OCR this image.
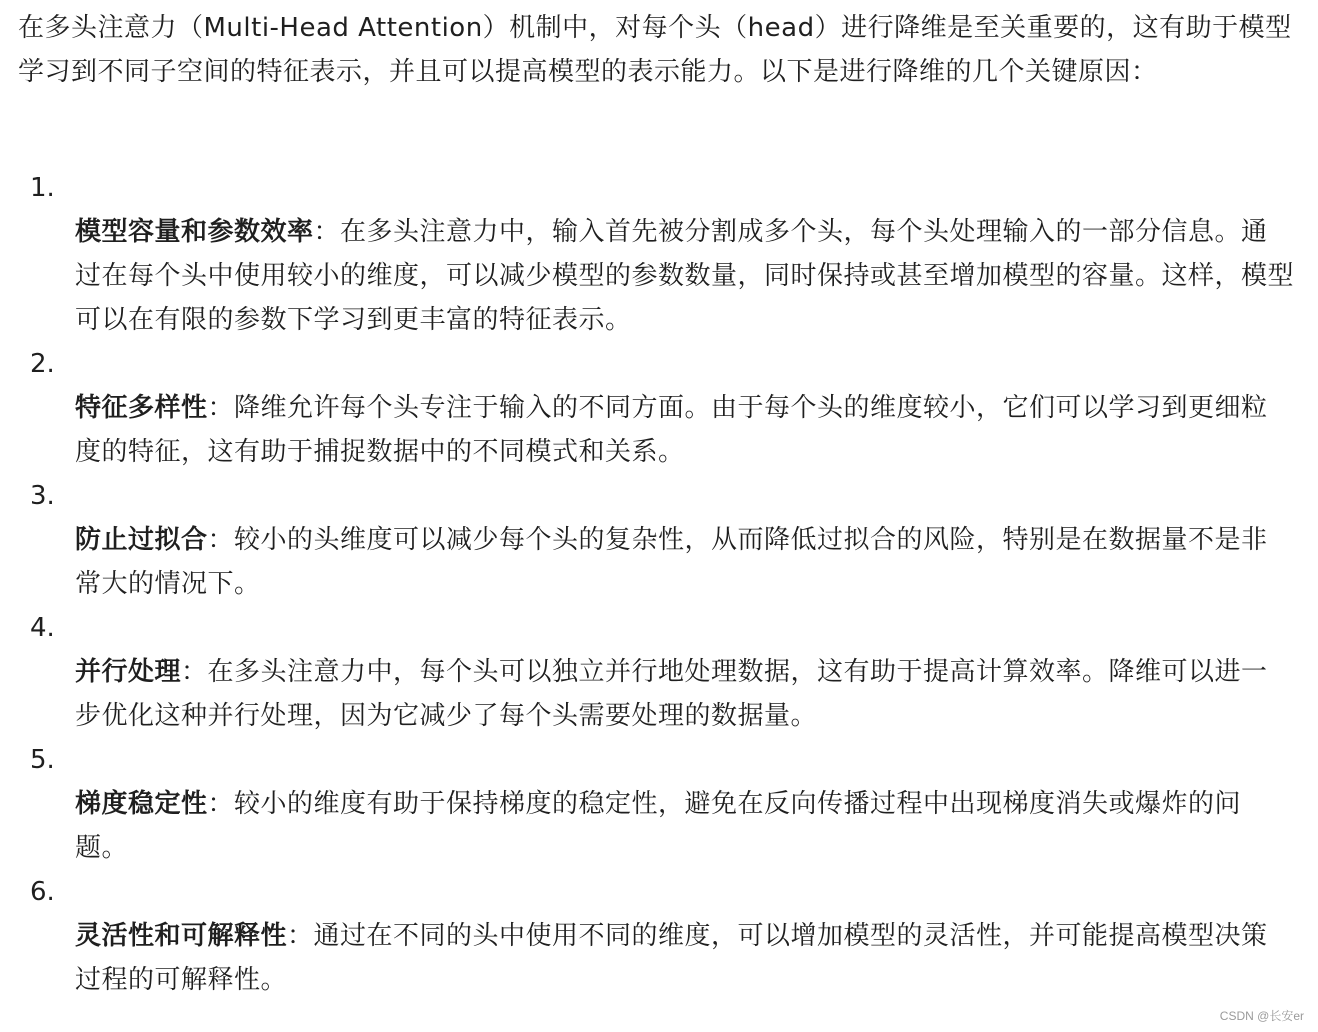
在多头注意力（Multi-Head Attention）机制中，对每个头（head）进行降维是至关重要的，这有助于模型学习到不同子空间的特征表示，并且可以提高模型的表示能力。以下是进行降维的几个关键原因：

1.

模型容量和参数效率：在多头注意力中，输入首先被分割成多个头，每个头处理输入的一部分信息。通过在每个头中使用较小的维度，可以减少模型的参数数量，同时保持或甚至增加模型的容量。这样，模型可以在有限的参数下学习到更丰富的特征表示。

2.

特征多样性：降维允许每个头专注于输入的不同方面。由于每个头的维度较小，它们可以学习到更细粒度的特征，这有助于捕捉数据中的不同模式和关系。

3.

防止过拟合：较小的头维度可以减少每个头的复杂性，从而降低过拟合的风险，特别是在数据量不是非常大的情况下。

4.

并行处理：在多头注意力中，每个头可以独立并行地处理数据，这有助于提高计算效率。降维可以进一步优化这种并行处理，因为它减少了每个头需要处理的数据量。

5.

梯度稳定性：较小的维度有助于保持梯度的稳定性，避免在反向传播过程中出现梯度消失或爆炸的问题。

6.

灵活性和可解释性：通过在不同的头中使用不同的维度，可以增加模型的灵活性，并可能提高模型决策过程的可解释性。

CSDN @长安er
